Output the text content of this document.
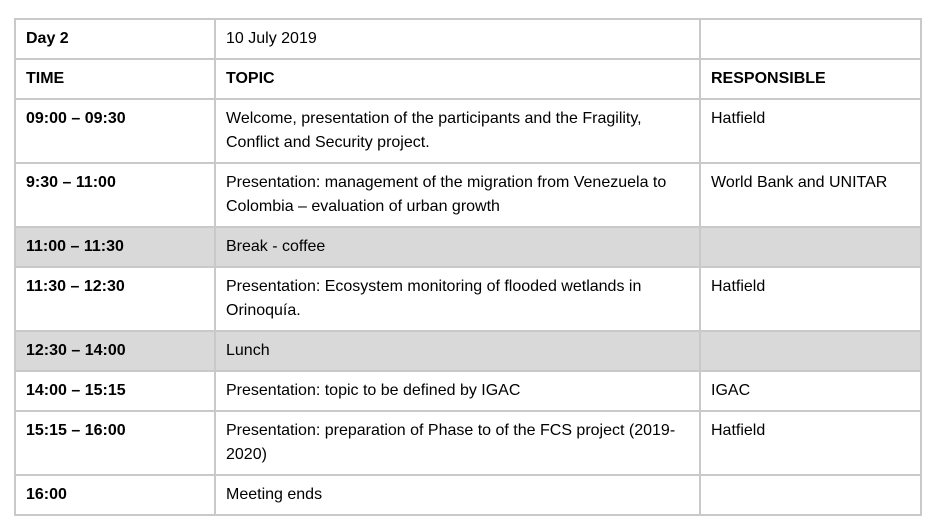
Day 2	10 July 2019	
TIME	TOPIC	RESPONSIBLE
09:00 – 09:30	Welcome, presentation of the participants and the Fragility, Conflict and Security project.	Hatfield
9:30 – 11:00	Presentation: management of the migration from Venezuela to Colombia – evaluation of urban growth	World Bank and UNITAR
11:00 – 11:30	Break - coffee	
11:30 – 12:30	Presentation: Ecosystem monitoring of flooded wetlands in Orinoquía.	Hatfield
12:30 – 14:00	Lunch	
14:00 – 15:15	Presentation: topic to be defined by IGAC	IGAC
15:15 – 16:00	Presentation: preparation of Phase to of the FCS project (2019-2020)	Hatfield
16:00	Meeting ends	
